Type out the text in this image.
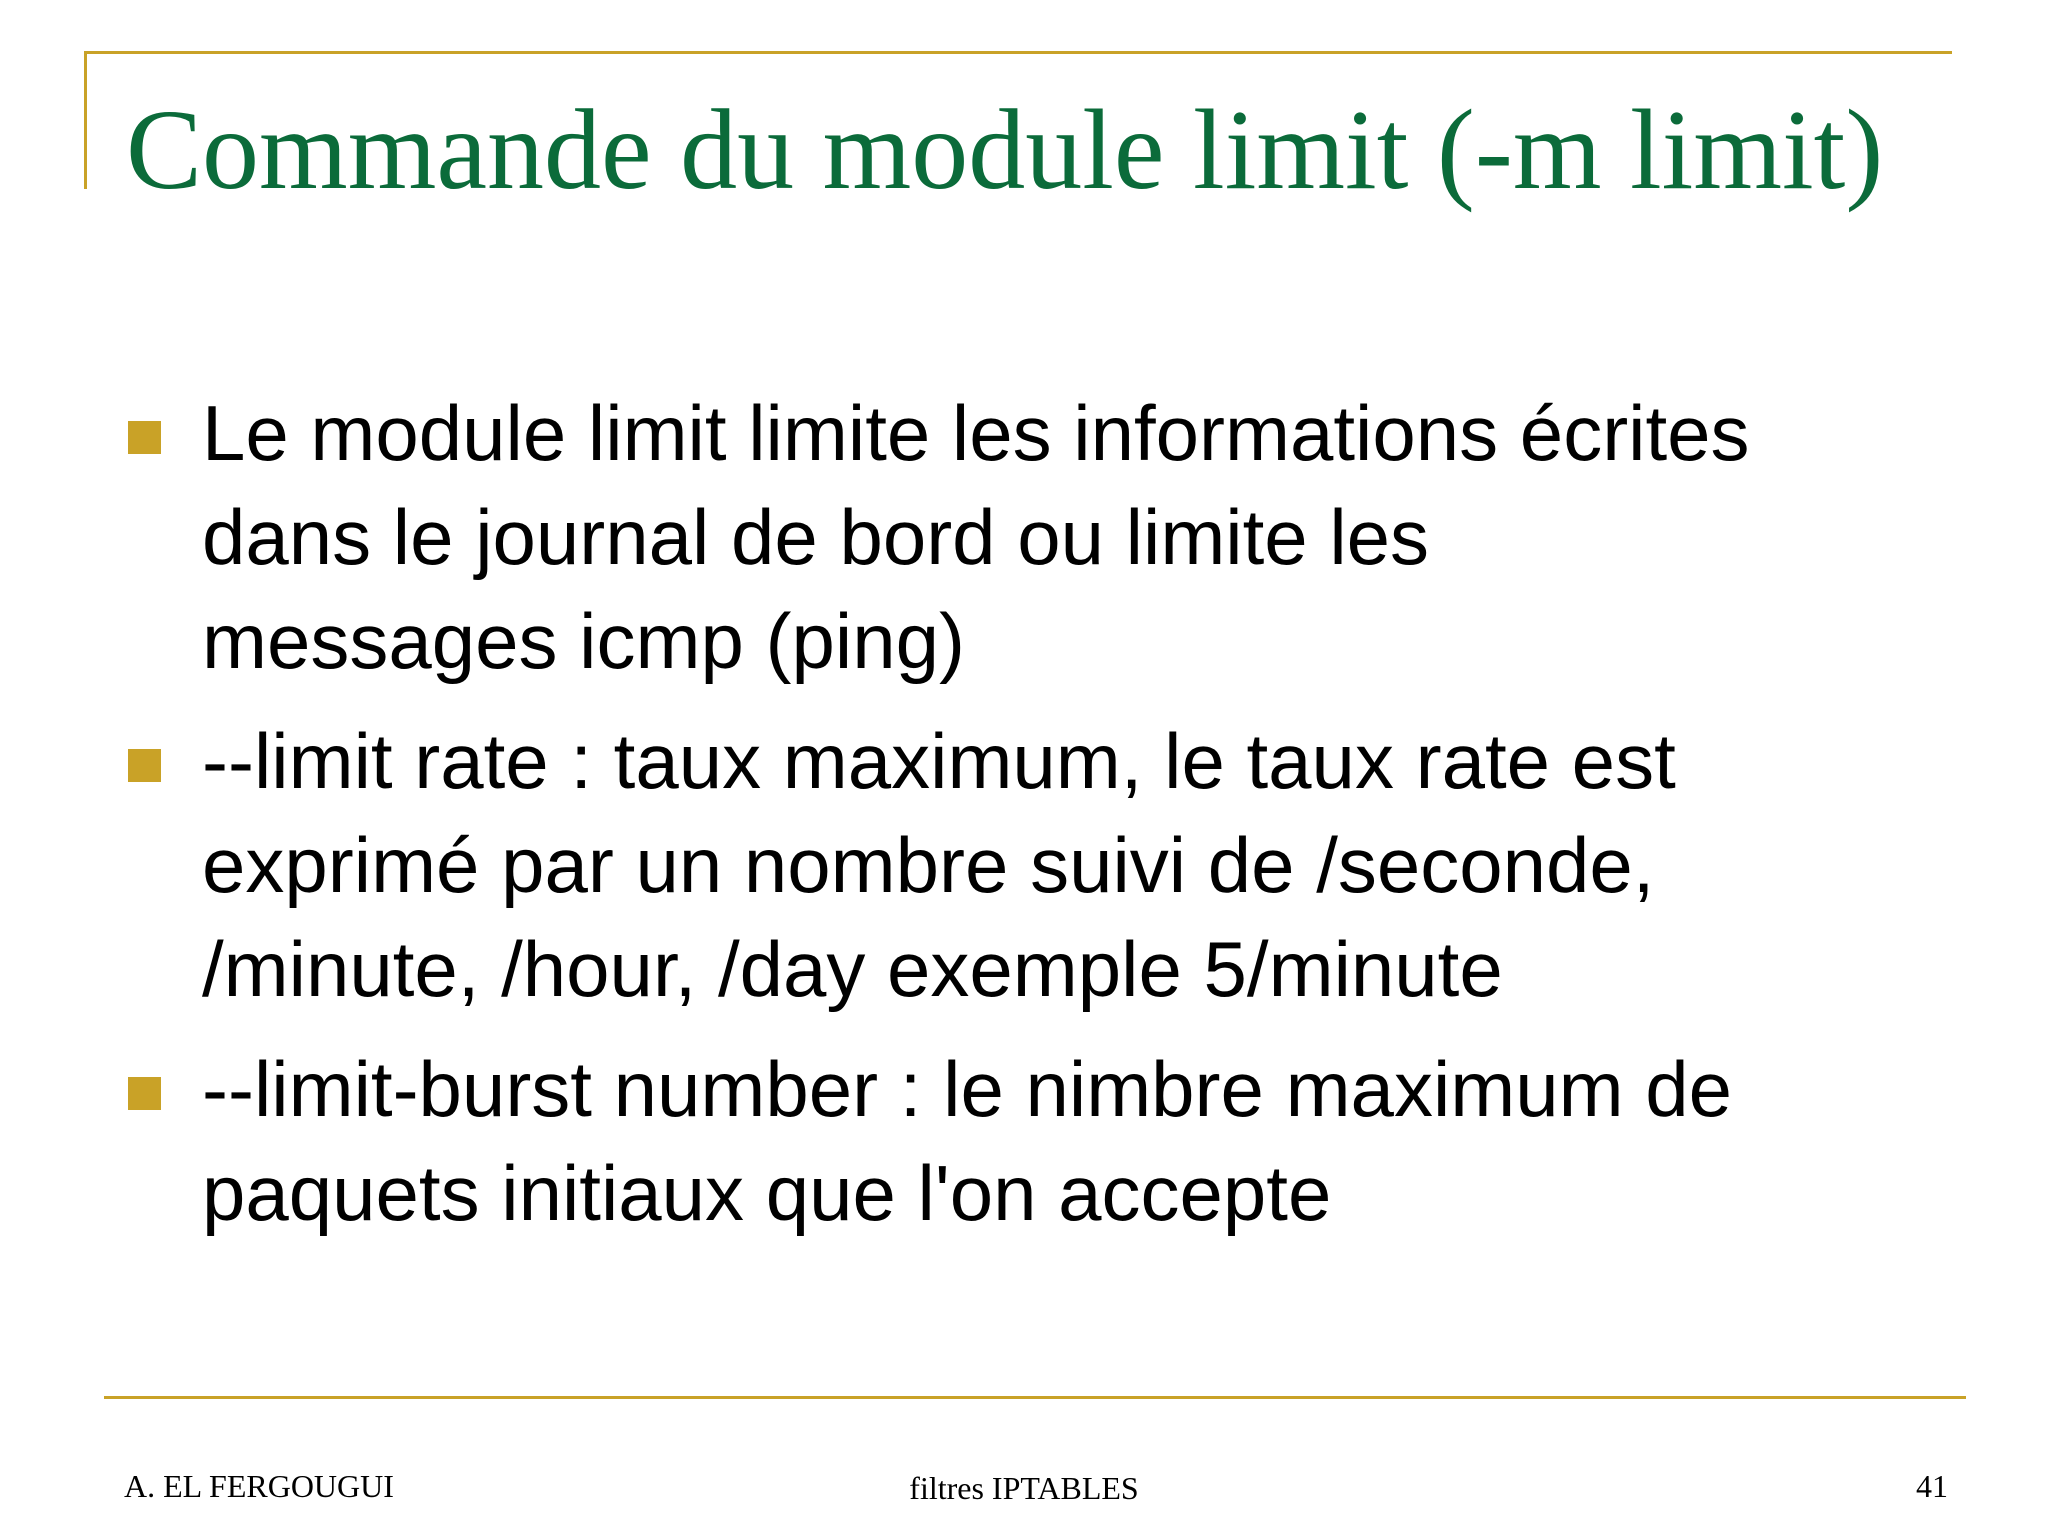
Commande du module limit (-m limit)
Le module limit limite les informations écrites
dans le journal de bord ou limite les
messages icmp (ping)
--limit rate : taux maximum, le taux rate est
exprimé par un nombre suivi de /seconde,
/minute, /hour, /day exemple 5/minute
--limit-burst number : le nimbre maximum de
paquets initiaux que l'on accepte
A. EL FERGOUGUI	filtres IPTABLES	41
